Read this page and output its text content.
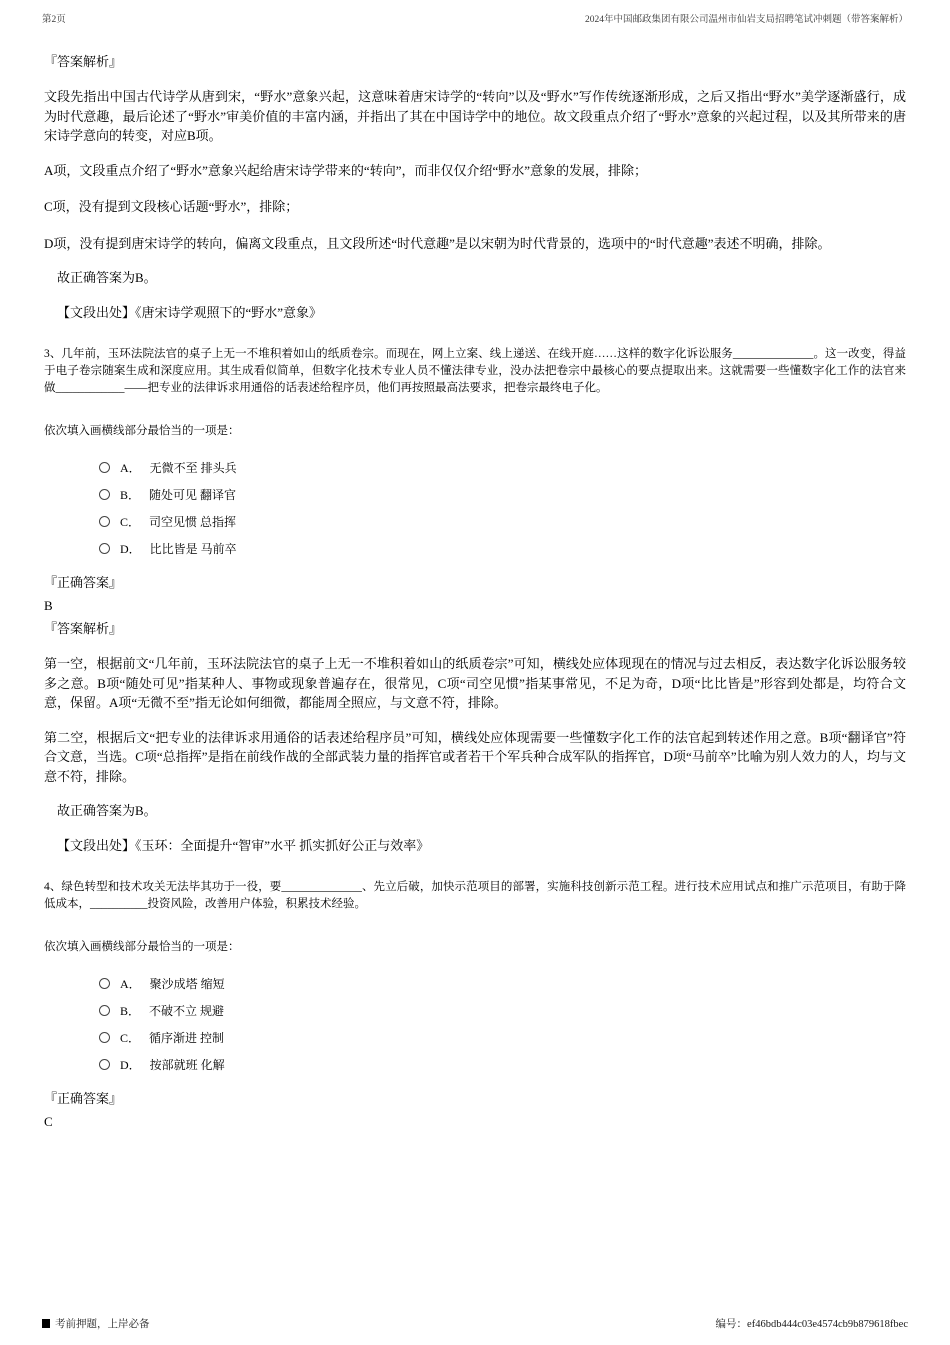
第2页	2024年中国邮政集团有限公司温州市仙岩支局招聘笔试冲刺题（带答案解析）
『答案解析』

文段先指出中国古代诗学从唐到宋，“野水”意象兴起，这意味着唐宋诗学的“转向”以及“野水”写作传统逐渐形成，之后又指出“野水”美学逐渐盛行，成为时代意趣，最后论述了“野水”审美价值的丰富内涵，并指出了其在中国诗学中的地位。故文段重点介绍了“野水”意象的兴起过程，以及其所带来的唐宋诗学意向的转变，对应B项。

A项，文段重点介绍了“野水”意象兴起给唐宋诗学带来的“转向”，而非仅仅介绍“野水”意象的发展，排除；

C项，没有提到文段核心话题“野水”，排除；

D项，没有提到唐宋诗学的转向，偏离文段重点，且文段所述“时代意趣”是以宋朝为时代背景的，选项中的“时代意趣”表述不明确，排除。

故正确答案为B。

【文段出处】《唐宋诗学观照下的“野水”意象》

3、几年前，玉环法院法官的桌子上无一不堆积着如山的纸质卷宗。而现在，网上立案、线上递送、在线开庭……这样的数字化诉讼服务______________。这一改变，得益于电子卷宗随案生成和深度应用。其生成看似简单，但数字化技术专业人员不懂法律专业，没办法把卷宗中最核心的要点提取出来。这就需要一些懂数字化工作的法官来做____________——把专业的法律诉求用通俗的话表述给程序员，他们再按照最高法要求，把卷宗最终电子化。

依次填入画横线部分最恰当的一项是：

A． 无微不至 排头兵
B． 随处可见 翻译官
C． 司空见惯 总指挥
D． 比比皆是 马前卒
『正确答案』
B
『答案解析』

第一空，根据前文“几年前，玉环法院法官的桌子上无一不堆积着如山的纸质卷宗”可知，横线处应体现现在的情况与过去相反，表达数字化诉讼服务较多之意。B项“随处可见”指某种人、事物或现象普遍存在，很常见，C项“司空见惯”指某事常见，不足为奇，D项“比比皆是”形容到处都是，均符合文意，保留。A项“无微不至”指无论如何细微，都能周全照应，与文意不符，排除。

第二空，根据后文“把专业的法律诉求用通俗的话表述给程序员”可知，横线处应体现需要一些懂数字化工作的法官起到转述作用之意。B项“翻译官”符合文意，当选。C项“总指挥”是指在前线作战的全部武装力量的指挥官或者若干个军兵种合成军队的指挥官，D项“马前卒”比喻为别人效力的人，均与文意不符，排除。

故正确答案为B。

【文段出处】《玉环：全面提升“智审”水平 抓实抓好公正与效率》

4、绿色转型和技术攻关无法毕其功于一役，要______________、先立后破，加快示范项目的部署，实施科技创新示范工程。进行技术应用试点和推广示范项目，有助于降低成本，__________投资风险，改善用户体验，积累技术经验。

依次填入画横线部分最恰当的一项是：

A． 聚沙成塔 缩短
B． 不破不立 规避
C． 循序渐进 控制
D． 按部就班 化解
『正确答案』
C
考前押题，上岸必备	编号：ef46bdb444c03e4574cb9b879618fbec
